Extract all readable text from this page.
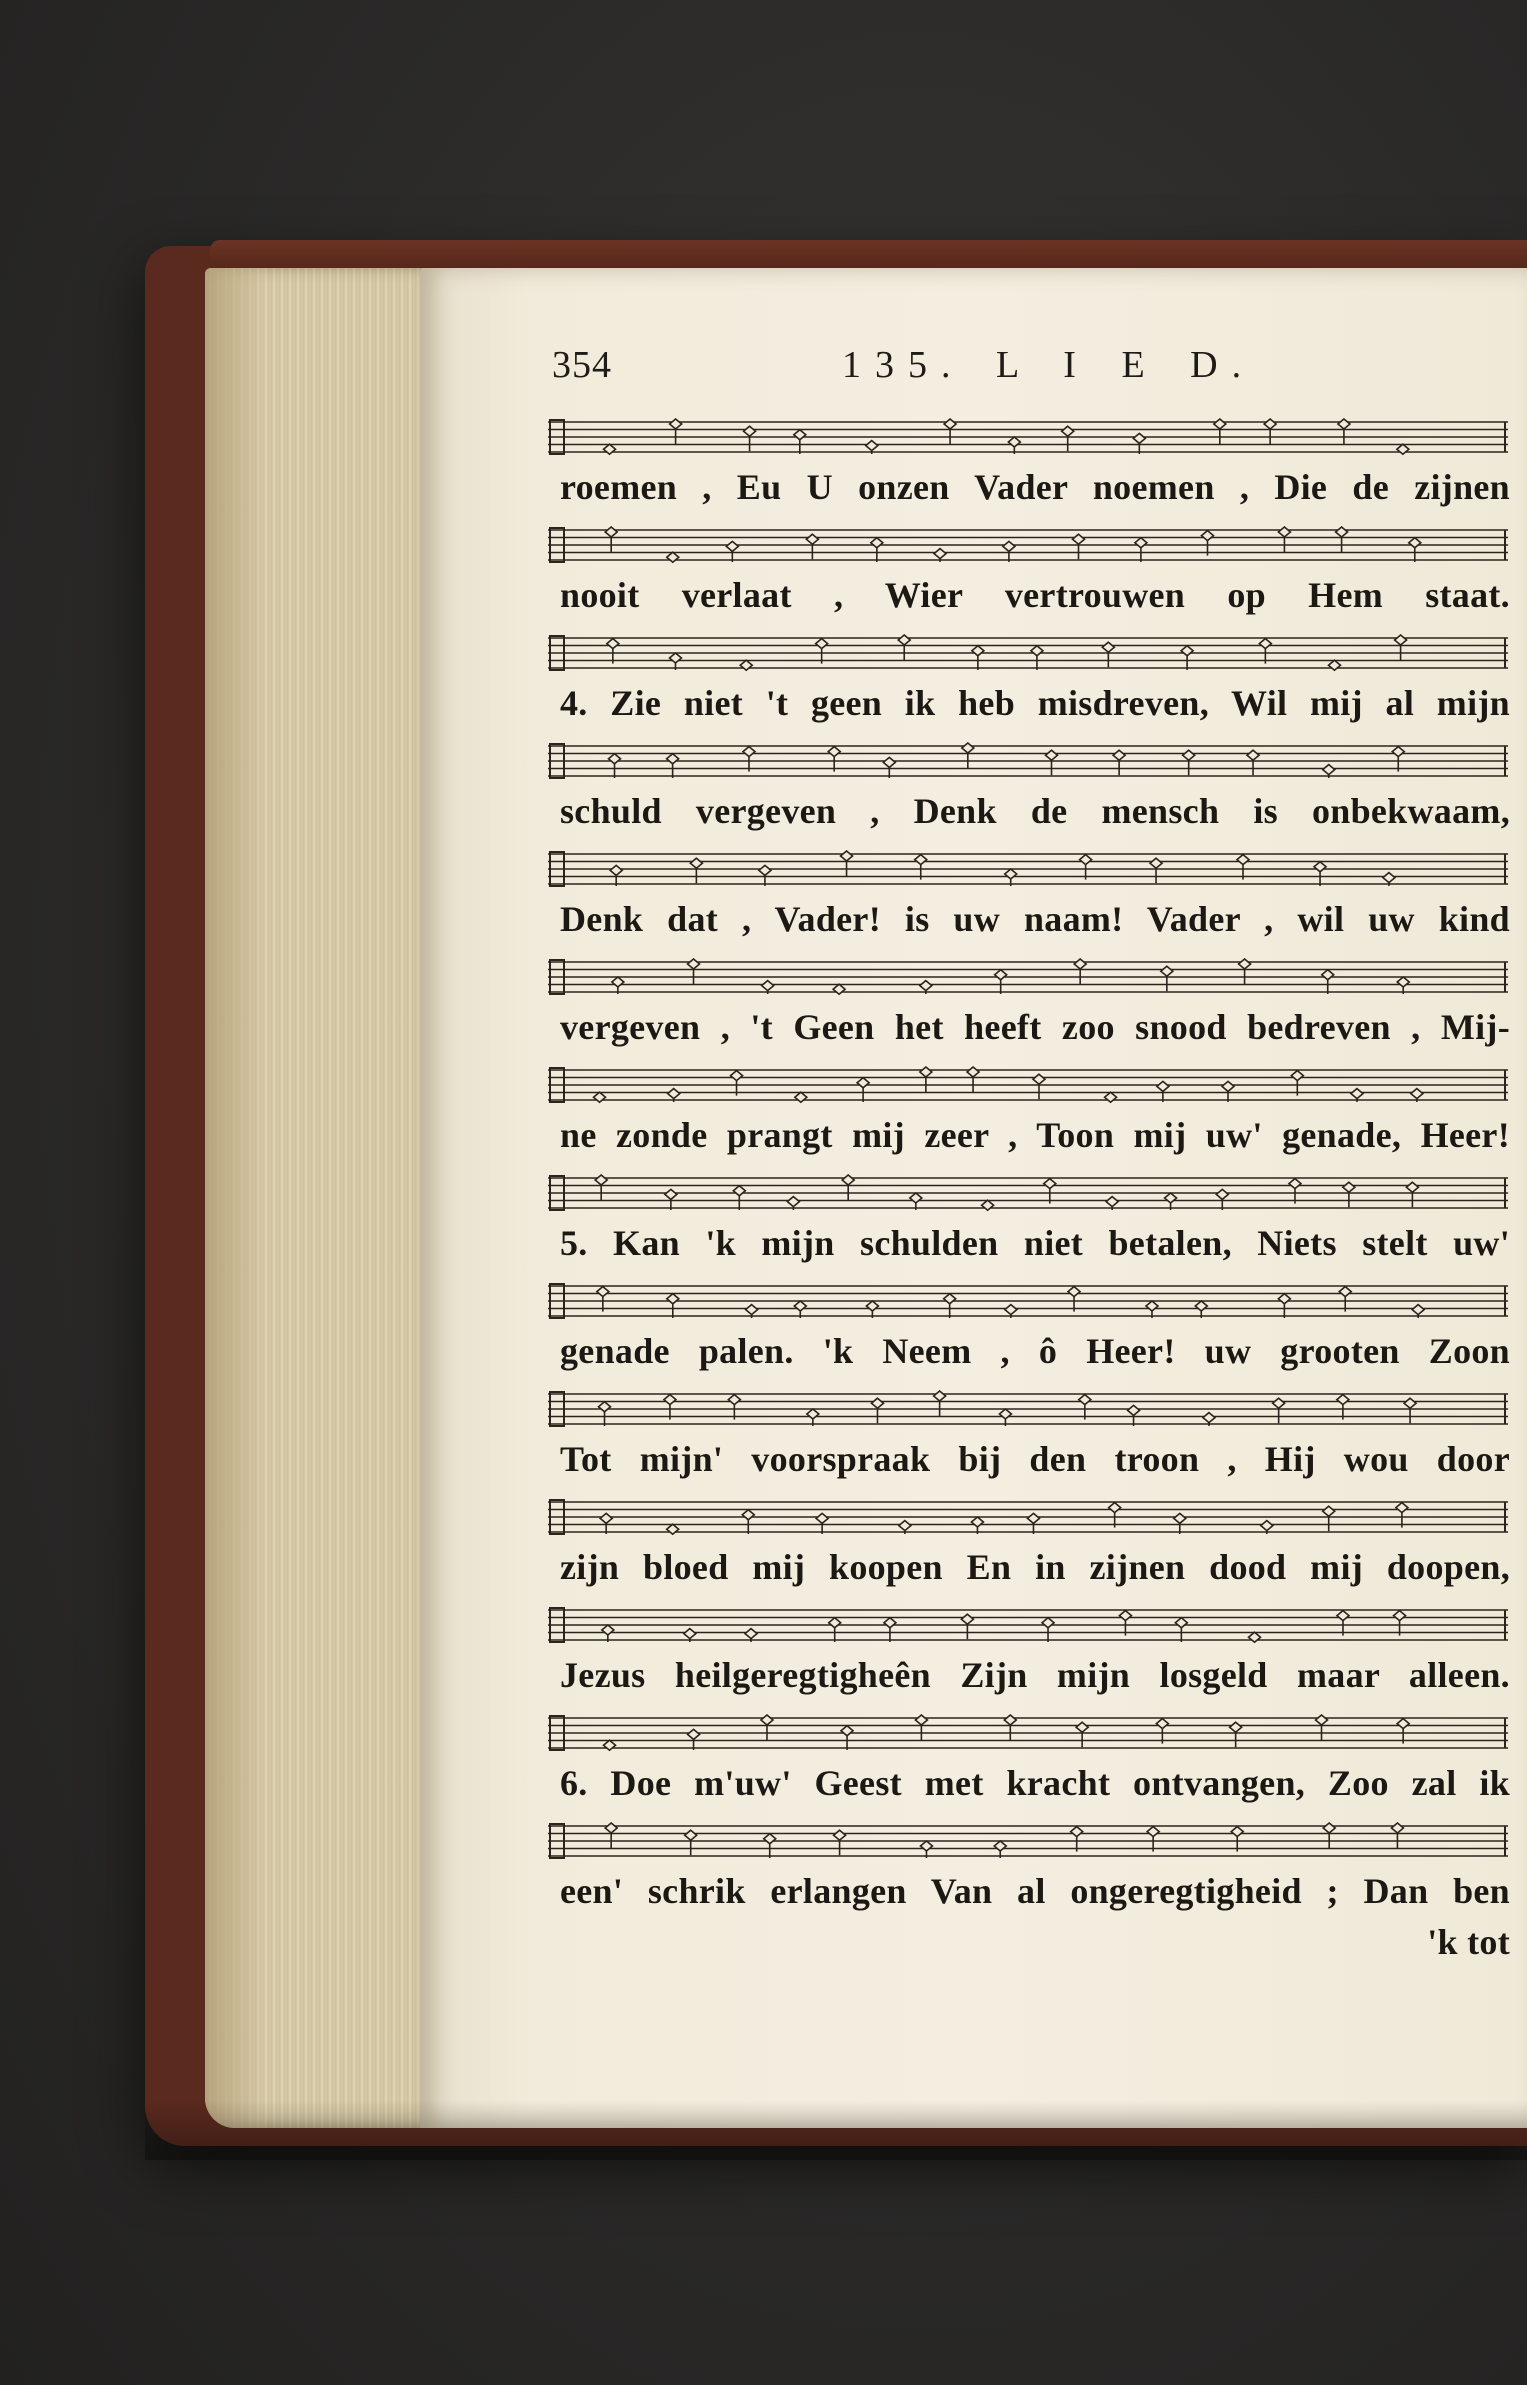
354	135. L I E D.
roemen , Eu U onzen Vader noemen , Die de zijnen
nooit verlaat , Wier vertrouwen op Hem staat.
4. Zie niet 't geen ik heb misdreven, Wil mij al mijn
schuld vergeven , Denk de mensch is onbekwaam,
Denk dat , Vader! is uw naam! Vader , wil uw kind
vergeven , 't Geen het heeft zoo snood bedreven , Mij-
ne zonde prangt mij zeer , Toon mij uw' genade, Heer!
5. Kan 'k mijn schulden niet betalen, Niets stelt uw'
genade palen. 'k Neem , ô Heer! uw grooten Zoon
Tot mijn' voorspraak bij den troon , Hij wou door
zijn bloed mij koopen En in zijnen dood mij doopen,
Jezus heilgeregtigheên Zijn mijn losgeld maar alleen.
6. Doe m'uw' Geest met kracht ontvangen, Zoo zal ik
een' schrik erlangen Van al ongeregtigheid ; Dan ben
'k tot
